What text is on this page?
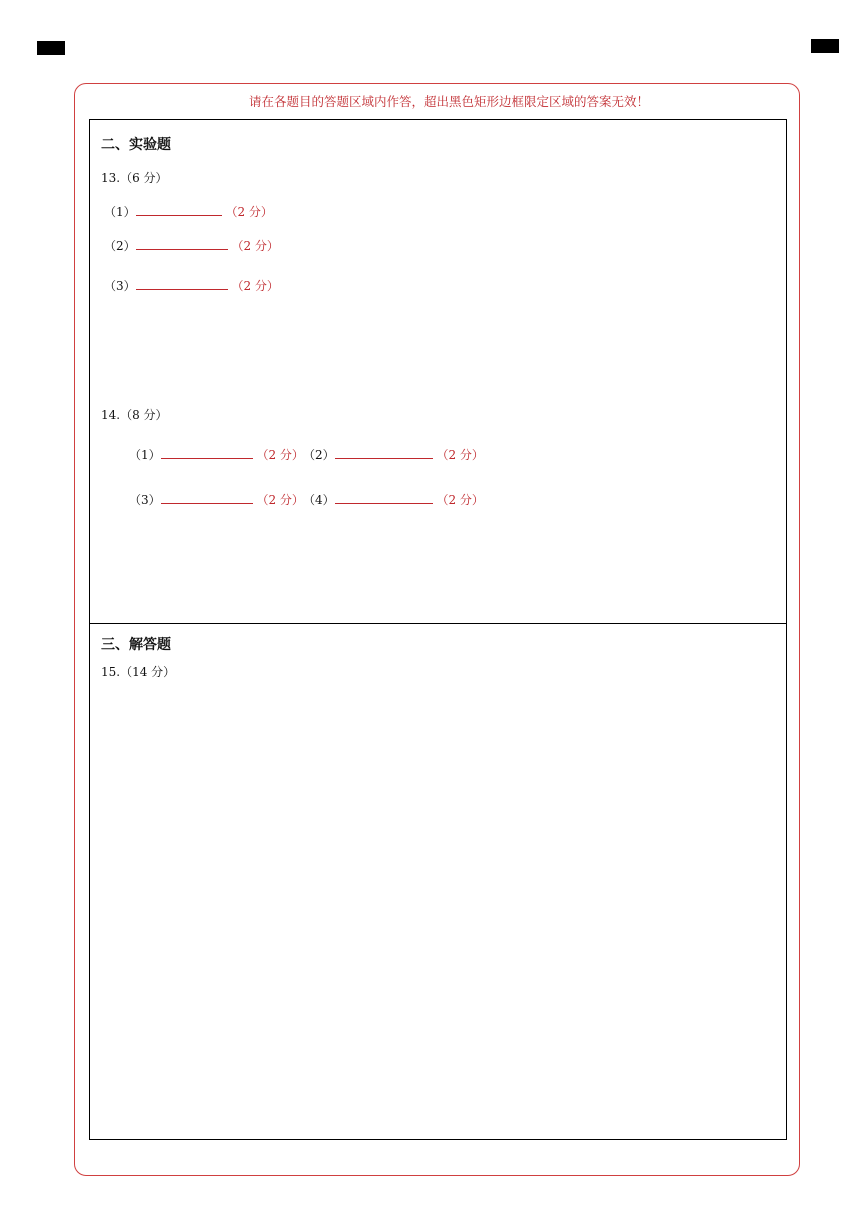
请在各题目的答题区域内作答，超出黑色矩形边框限定区域的答案无效！
二、实验题
13.（6 分）
（1）	（2 分）
（2）	（2 分）
（3）	（2 分）
14.（8 分）
（1）	（2 分） （2）	（2 分）
（3）	（2 分） （4）	（2 分）
三、解答题
15.（14 分）
